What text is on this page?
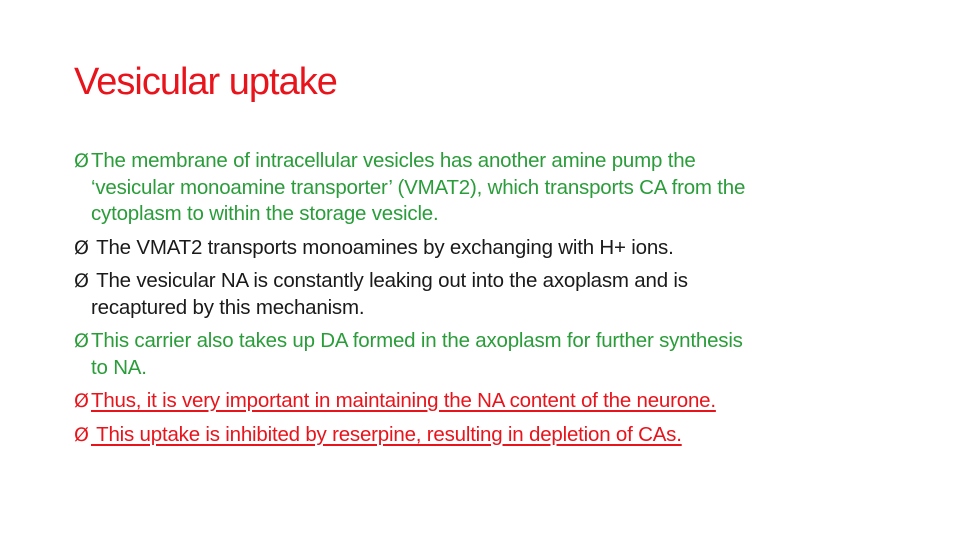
Vesicular uptake
Ø The membrane of intracellular vesicles has another amine pump the
‘vesicular monoamine transporter’ (VMAT2), which transports CA from the
cytoplasm to within the storage vesicle.
Ø The VMAT2 transports monoamines by exchanging with H+ ions.
Ø The vesicular NA is constantly leaking out into the axoplasm and is
recaptured by this mechanism.
Ø This carrier also takes up DA formed in the axoplasm for further synthesis
to NA.
Ø Thus, it is very important in maintaining the NA content of the neurone.
Ø This uptake is inhibited by reserpine, resulting in depletion of CAs.
